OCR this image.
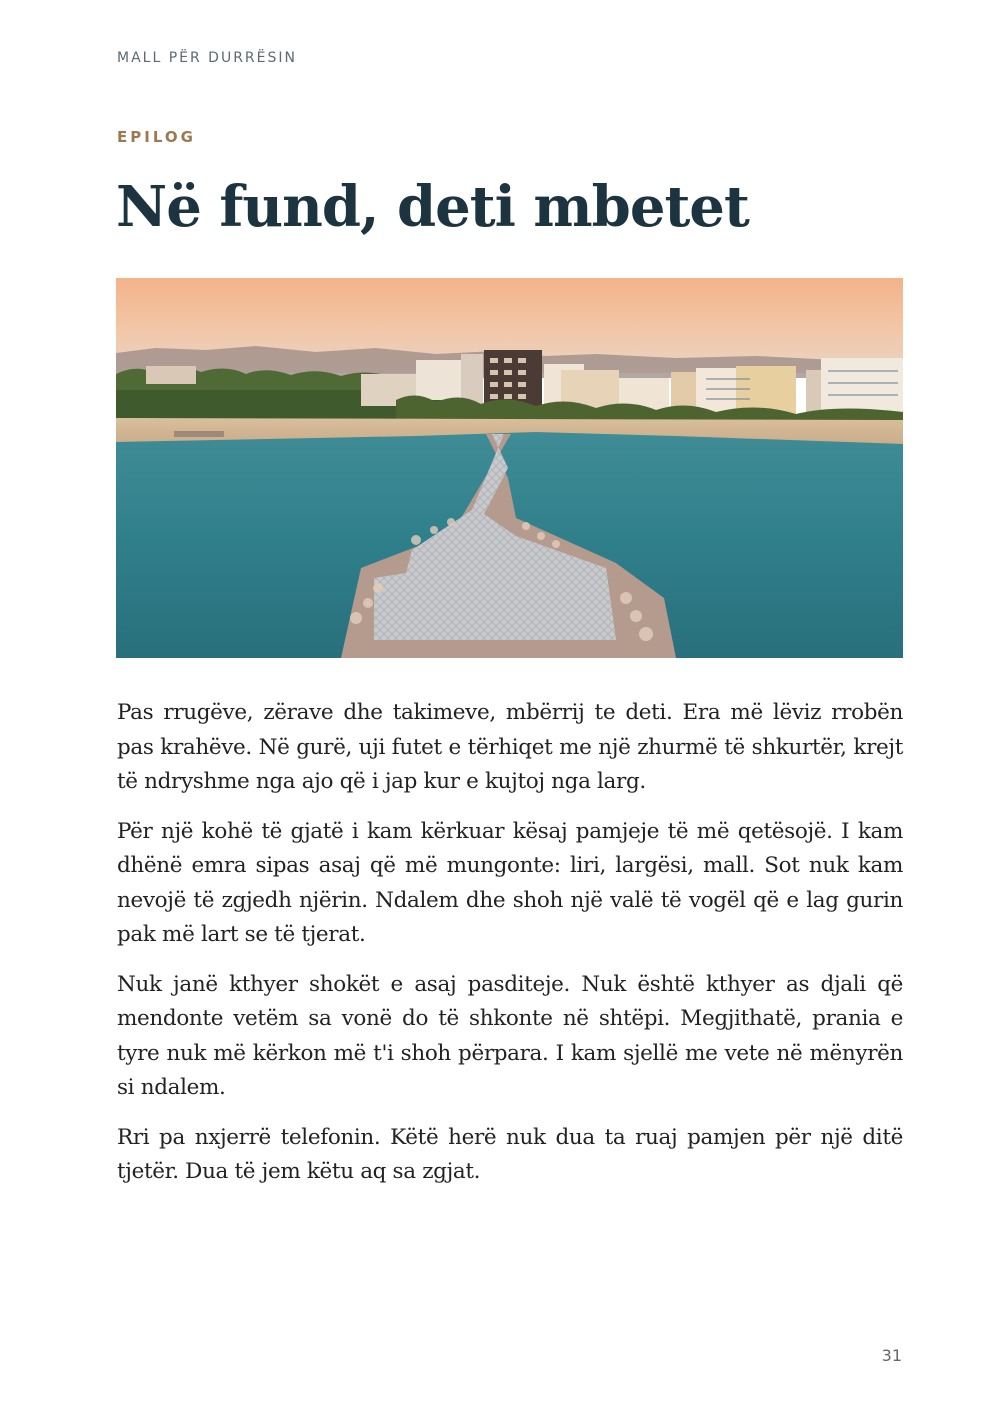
MALL PËR DURRËSIN
EPILOG
Në fund, deti mbetet

Pas rrugëve, zërave dhe takimeve, mbërrij te deti. Era më lëviz rrobën pas krahëve. Në gurë, uji futet e tërhiqet me një zhurmë të shkurtër, krejt të ndryshme nga ajo që i jap kur e kujtoj nga larg.

Për një kohë të gjatë i kam kërkuar kësaj pamjeje të më qetësojë. I kam dhënë emra sipas asaj që më mungonte: liri, largësi, mall. Sot nuk kam nevojë të zgjedh njërin. Ndalem dhe shoh një valë të vogël që e lag gurin pak më lart se të tjerat.

Nuk janë kthyer shokët e asaj pasditeje. Nuk është kthyer as djali që mendonte vetëm sa vonë do të shkonte në shtëpi. Megjithatë, prania e tyre nuk më kërkon më t'i shoh përpara. I kam sjellë me vete në mënyrën si ndalem.

Rri pa nxjerrë telefonin. Këtë herë nuk dua ta ruaj pamjen për një ditë tjetër. Dua të jem këtu aq sa zgjat.

31
